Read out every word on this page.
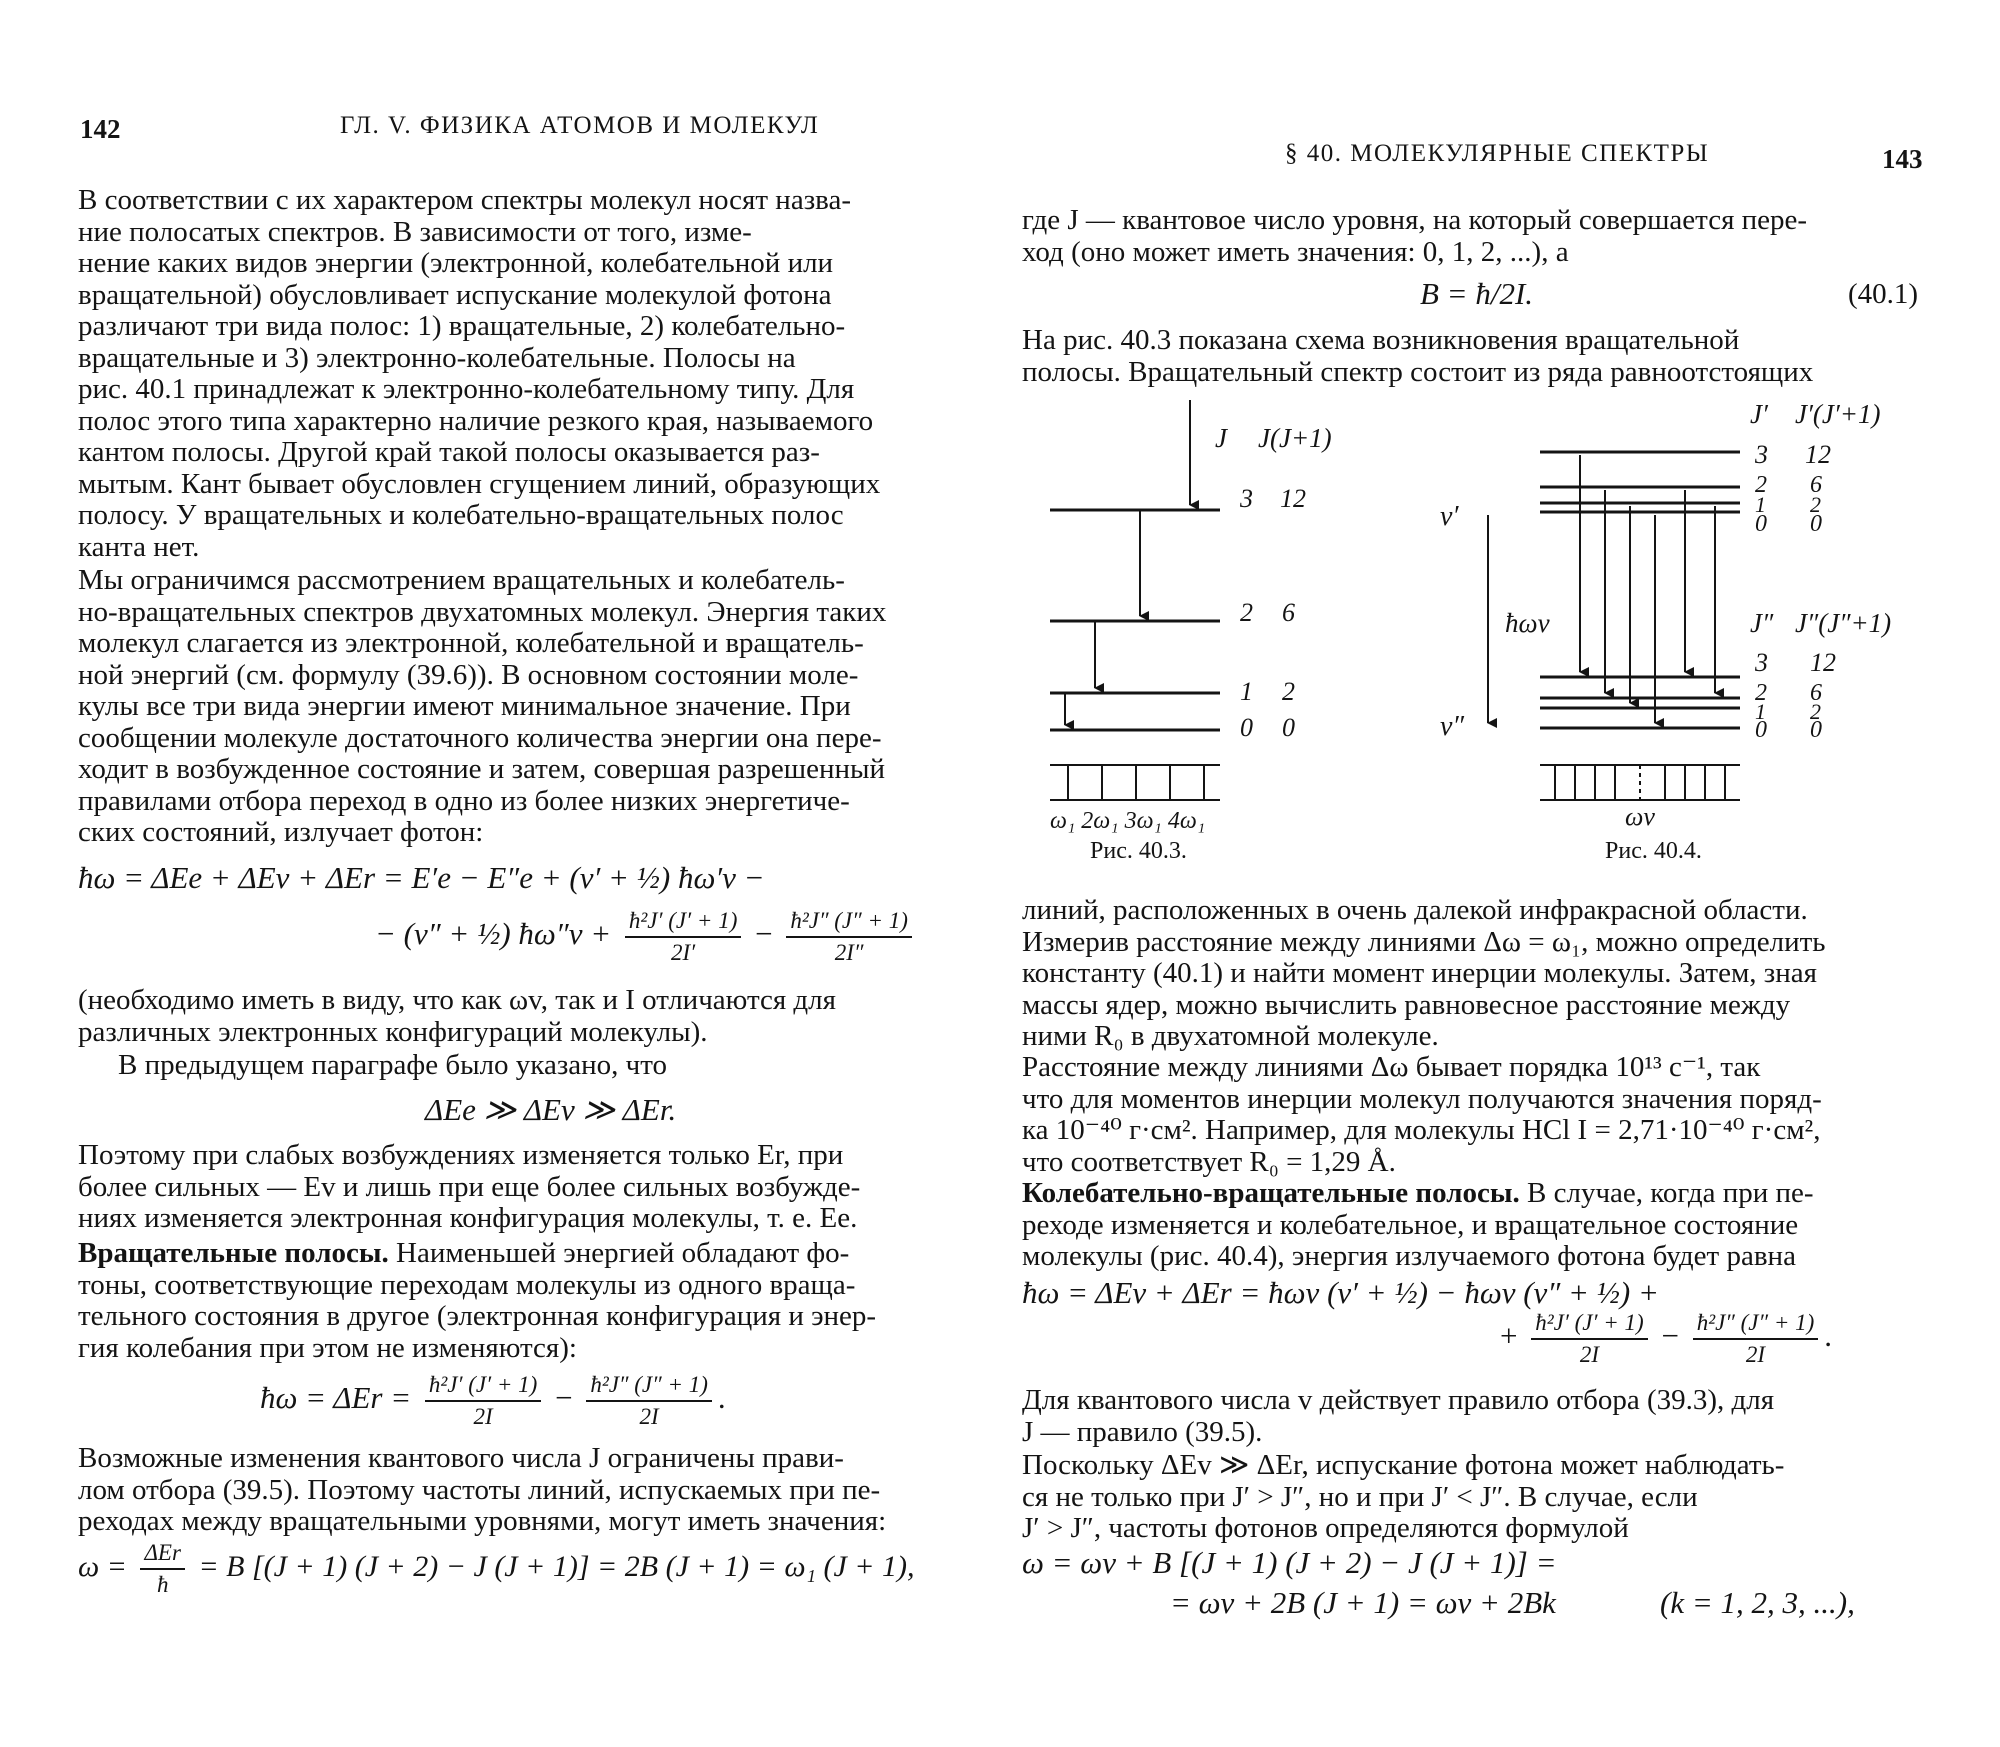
142	ГЛ. V. ФИЗИКА АТОМОВ И МОЛЕКУЛ
В соответствии с их характером спектры молекул носят назва-
ние полосатых спектров. В зависимости от того, изме-
нение каких видов энергии (электронной, колебательной или
вращательной) обусловливает испускание молекулой фотона
различают три вида полос: 1) вращательные, 2) колебательно-
вращательные и 3) электронно-колебательные. Полосы на
рис. 40.1 принадлежат к электронно-колебательному типу. Для
полос этого типа характерно наличие резкого края, называемого
кантом полосы. Другой край такой полосы оказывается раз-
мытым. Кант бывает обусловлен сгущением линий, образующих
полосу. У вращательных и колебательно-вращательных полос
канта нет.
Мы ограничимся рассмотрением вращательных и колебатель-
но-вращательных спектров двухатомных молекул. Энергия таких
молекул слагается из электронной, колебательной и вращатель-
ной энергий (см. формулу (39.6)). В основном состоянии моле-
кулы все три вида энергии имеют минимальное значение. При
сообщении молекуле достаточного количества энергии она пере-
ходит в возбужденное состояние и затем, совершая разрешенный
правилами отбора переход в одно из более низких энергетиче-
ских состояний, излучает фотон:
ħω = ΔEe + ΔEv + ΔEr = E′e − E″e + (v′ + ½) ħω′v −
− (v″ + ½) ħω″v + $\frac{\text{ħ²J′ (J′ + 1)}}{2I'} - \frac{\text{ħ²J″ (J″ + 1)}}{2I''}$
(необходимо иметь в виду, что как ωv, так и I отличаются для
различных электронных конфигураций молекулы).
В предыдущем параграфе было указано, что
ΔEe ≫ ΔEv ≫ ΔEr.
Поэтому при слабых возбуждениях изменяется только Er, при
более сильных — Ev и лишь при еще более сильных возбужде-
ниях изменяется электронная конфигурация молекулы, т. е. Ee.
Вращательные полосы. Наименьшей энергией обладают фо-
тоны, соответствующие переходам молекулы из одного враща-
тельного состояния в другое (электронная конфигурация и энер-
гия колебания при этом не изменяются):
ħω = $\Delta Er = \frac{\text{ħ²J′ (J′ + 1)}}{2I} - \frac{\text{ħ²J″ (J″ + 1)}}{2I}$ .
Возможные изменения квантового числа J ограничены прави-
лом отбора (39.5). Поэтому частоты линий, испускаемых при пе-
реходах между вращательными уровнями, могут иметь значения:
$\omega = \frac{\text{ΔEr}}{ħ} = B$ [(J + 1) (J + 2) − J (J + 1)] = 2B (J + 1) = ω₁ (J + 1),
§ 40. МОЛЕКУЛЯРНЫЕ СПЕКТРЫ	143
где J — квантовое число уровня, на который совершается пере-
ход (оно может иметь значения: 0, 1, 2, ...), а
B = ħ/2I.	(40.1)
На рис. 40.3 показана схема возникновения вращательной
полосы. Вращательный спектр состоит из ряда равноотстоящих
J J(J+1)
3 12
2 6
1 2
0 0
ω₁ 2ω₁ 3ω₁ 4ω₁
Рис. 40.3.
J′ J′(J′+1)
v′
3 12
2 6
1 2
0 0
ħωv	J″ J″(J″+1)
3 12
2 6
1 2
0 0
v″
ωv
Рис. 40.4.
линий, расположенных в очень далекой инфракрасной области.
Измерив расстояние между линиями Δω = ω₁, можно определить
константу (40.1) и найти момент инерции молекулы. Затем, зная
массы ядер, можно вычислить равновесное расстояние между
ними R₀ в двухатомной молекуле.
Расстояние между линиями Δω бывает порядка 10¹³ с⁻¹, так
что для моментов инерции молекул получаются значения поряд-
ка 10⁻⁴⁰ г·см². Например, для молекулы HCl I = 2,71·10⁻⁴⁰ г·см²,
что соответствует R₀ = 1,29 Å.
Колебательно-вращательные полосы. В случае, когда при пе-
реходе изменяется и колебательное, и вращательное состояние
молекулы (рис. 40.4), энергия излучаемого фотона будет равна
ħω = ΔEv + ΔEr = ħωv (v′ + ½) − ħωv (v″ + ½) +
+ $\frac{\text{ħ²J′ (J′ + 1)}}{2I} - \frac{\text{ħ²J″ (J″ + 1)}}{2I}$ .
Для квантового числа v действует правило отбора (39.3), для
J — правило (39.5).
Поскольку ΔEv ≫ ΔEr, испускание фотона может наблюдать-
ся не только при J′ > J″, но и при J′ < J″. В случае, если
J′ > J″, частоты фотонов определяются формулой
ω = ωv + B [(J + 1) (J + 2) − J (J + 1)] =
= ωv + 2B (J + 1) = ωv + 2Bk	(k = 1, 2, 3, ...),
